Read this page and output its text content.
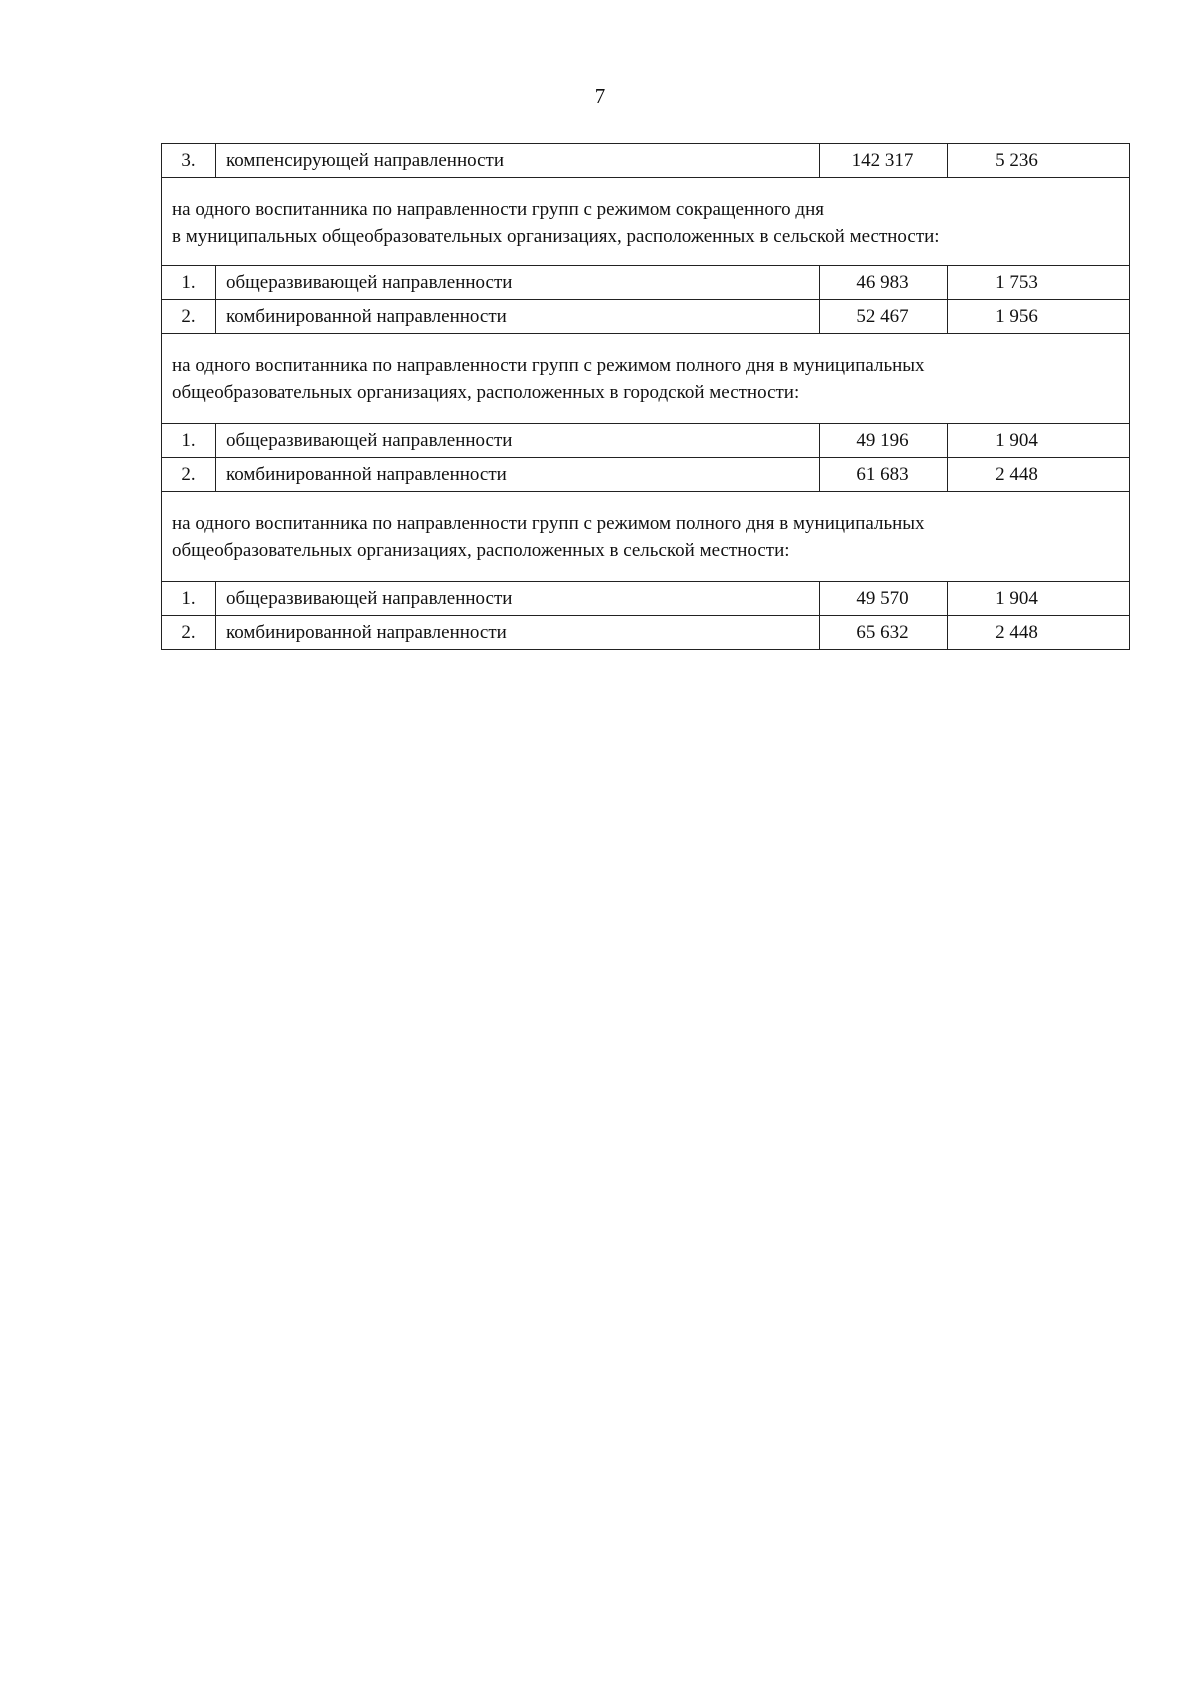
7
3.	компенсирующей направленности	142 317	5 236
на одного воспитанника по направленности групп с режимом сокращенного дня
в муниципальных общеобразовательных организациях, расположенных в сельской местности:			
1.	общеразвивающей направленности	46 983	1 753
2.	комбинированной направленности	52 467	1 956
на одного воспитанника по направленности групп с режимом полного дня в муниципальных
общеобразовательных организациях, расположенных в городской местности:			
1.	общеразвивающей направленности	49 196	1 904
2.	комбинированной направленности	61 683	2 448
на одного воспитанника по направленности групп с режимом полного дня в муниципальных
общеобразовательных организациях, расположенных в сельской местности:			
1.	общеразвивающей направленности	49 570	1 904
2.	комбинированной направленности	65 632	2 448
